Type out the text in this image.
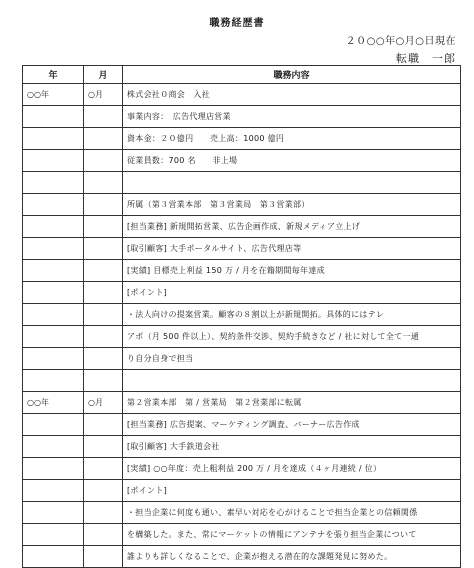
職務経歴書
２０○○年○月○日現在
転職　一郎
年	月	職務内容
○○年	○月	株式会社０商会　入社
		事業内容：　広告代理店営業
		資本金：２０億円　　売上高：1000 億円
		従業員数：700 名　　非上場

		所属（第３営業本部　第３営業局　第３営業部）
		[担当業務] 新規開拓営業、広告企画作成、新規メディア立上げ
		[取引顧客] 大手ポータルサイト、広告代理店等
		[実績] 目標売上利益 150 万 / 月を在籍期間毎年達成
		[ポイント]
		・法人向けの提案営業。顧客の８割以上が新規開拓。具体的にはテレ
		アポ（月 500 件以上）、契約条件交渉、契約手続きなど / 社に対して全て一通
		り自分自身で担当

○○年	○月	第２営業本部　第 / 営業局　第２営業部に転属
		[担当業務] 広告提案、マーケティング調査、バーナー広告作成
		[取引顧客] 大手鉄道会社
		[実績] ○○年度：売上粗利益 200 万 / 月を達成（４ヶ月連続 / 位）
		[ポイント]
		・担当企業に何度も通い、素早い対応を心がけることで担当企業との信頼関係
		を構築した。また、常にマーケットの情報にアンテナを張り担当企業について
		誰よりも詳しくなることで、企業が抱える潜在的な課題発見に努めた。
